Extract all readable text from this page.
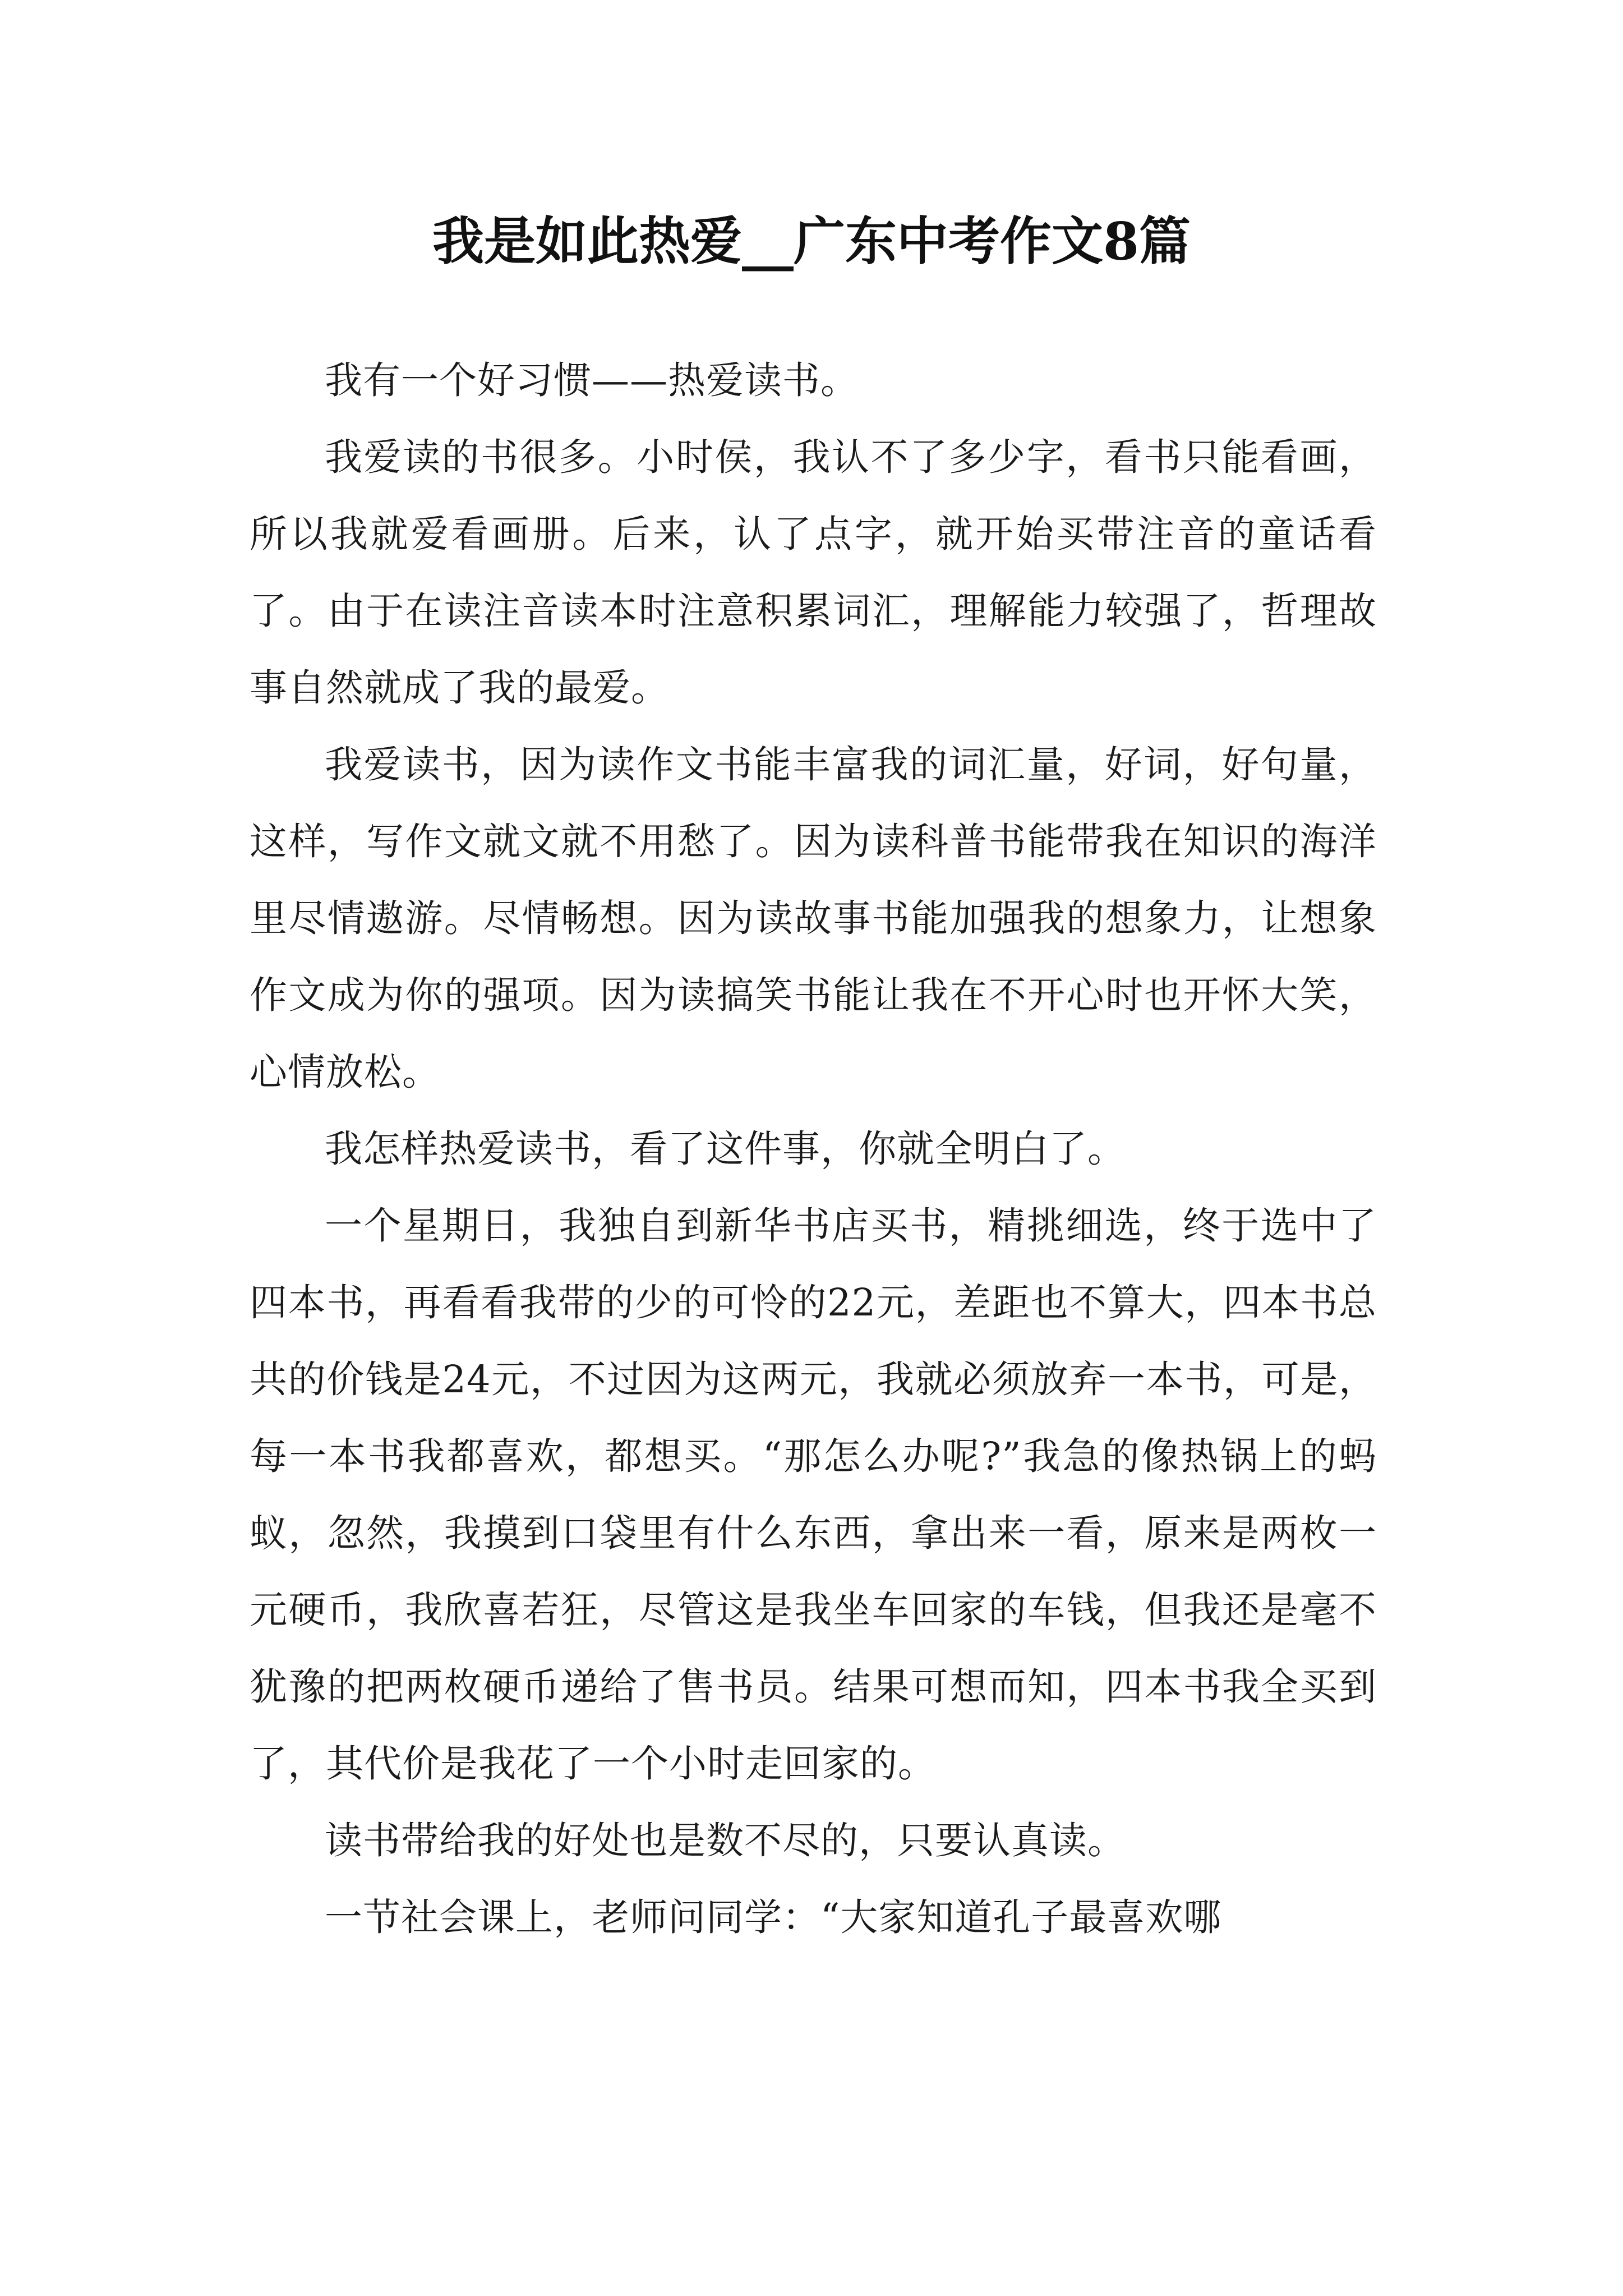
我是如此热爱__广东中考作文8篇

我有一个好习惯——热爱读书。

我爱读的书很多。小时侯，我认不了多少字，看书只能看画，所以我就爱看画册。后来，认了点字，就开始买带注音的童话看了。由于在读注音读本时注意积累词汇，理解能力较强了，哲理故事自然就成了我的最爱。

我爱读书，因为读作文书能丰富我的词汇量，好词，好句量，这样，写作文就文就不用愁了。因为读科普书能带我在知识的海洋里尽情遨游。尽情畅想。因为读故事书能加强我的想象力，让想象作文成为你的强项。因为读搞笑书能让我在不开心时也开怀大笑，心情放松。

我怎样热爱读书，看了这件事，你就全明白了。

一个星期日，我独自到新华书店买书，精挑细选，终于选中了四本书，再看看我带的少的可怜的22元，差距也不算大，四本书总共的价钱是24元，不过因为这两元，我就必须放弃一本书，可是，每一本书我都喜欢，都想买。“那怎么办呢?”我急的像热锅上的蚂蚁，忽然，我摸到口袋里有什么东西，拿出来一看，原来是两枚一元硬币，我欣喜若狂，尽管这是我坐车回家的车钱，但我还是毫不犹豫的把两枚硬币递给了售书员。结果可想而知，四本书我全买到了，其代价是我花了一个小时走回家的。

读书带给我的好处也是数不尽的，只要认真读。

一节社会课上，老师问同学：“大家知道孔子最喜欢哪
